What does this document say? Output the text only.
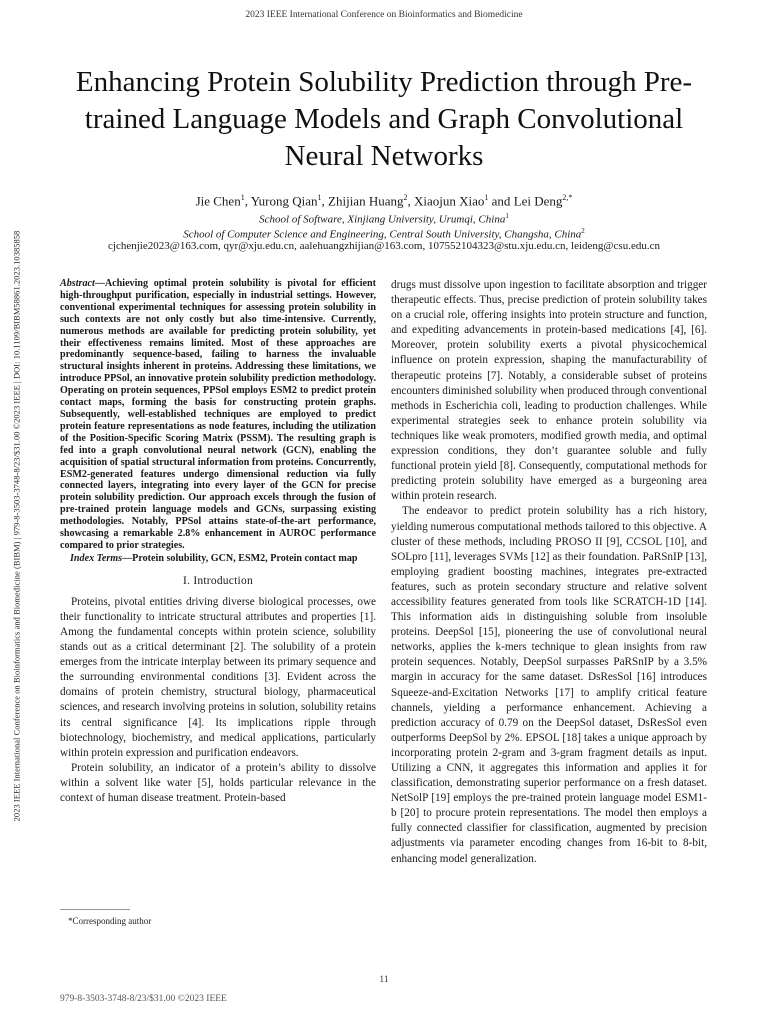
2023 IEEE International Conference on Bioinformatics and Biomedicine
2023 IEEE International Conference on Bioinformatics and Biomedicine (BIBM) | 979-8-3503-3748-8/23/$31.00 ©2023 IEEE | DOI: 10.1109/BIBM58861.2023.10385858
Enhancing Protein Solubility Prediction through Pre-trained Language Models and Graph Convolutional Neural Networks
Jie Chen$^1$, Yurong Qian$^1$, Zhijian Huang$^2$, Xiaojun Xiao$^1$ and Lei Deng$^{2,*}$
School of Software, Xinjiang University, Urumqi, China$^1$
School of Computer Science and Engineering, Central South University, Changsha, China$^2$
cjchenjie2023@163.com, qyr@xju.edu.cn, aalehuangzhijian@163.com, 107552104323@stu.xju.edu.cn, leideng@csu.edu.cn

Abstract—Achieving optimal protein solubility is pivotal for efficient high-throughput purification, especially in industrial settings. However, conventional experimental techniques for assessing protein solubility in such contexts are not only costly but also time-intensive. Currently, numerous methods are available for predicting protein solubility, yet their effectiveness remains limited. Most of these approaches are predominantly sequence-based, failing to harness the invaluable structural insights inherent in proteins. Addressing these limitations, we introduce PPSol, an innovative protein solubility prediction methodology. Operating on protein sequences, PPSol employs ESM2 to predict protein contact maps, forming the basis for constructing protein graphs. Subsequently, well-established techniques are employed to predict protein feature representations as node features, including the utilization of the Position-Specific Scoring Matrix (PSSM). The resulting graph is fed into a graph convolutional neural network (GCN), enabling the acquisition of spatial structural information from proteins. Concurrently, ESM2-generated features undergo dimensional reduction via fully connected layers, integrating into every layer of the GCN for precise protein solubility prediction. Our approach excels through the fusion of pre-trained protein language models and GCNs, surpassing existing methodologies. Notably, PPSol attains state-of-the-art performance, showcasing a remarkable 2.8% enhancement in AUROC performance compared to prior strategies.

Index Terms—Protein solubility, GCN, ESM2, Protein contact map

I. Introduction

Proteins, pivotal entities driving diverse biological processes, owe their functionality to intricate structural attributes and properties [1]. Among the fundamental concepts within protein science, solubility stands out as a critical determinant [2]. The solubility of a protein emerges from the intricate interplay between its primary sequence and the surrounding environmental conditions [3]. Evident across the domains of protein chemistry, structural biology, pharmaceutical sciences, and research involving proteins in solution, solubility retains its central significance [4]. Its implications ripple through biotechnology, biochemistry, and medical applications, particularly within protein expression and purification endeavors.

Protein solubility, an indicator of a protein’s ability to dissolve within a solvent like water [5], holds particular relevance in the context of human disease treatment. Protein-based

drugs must dissolve upon ingestion to facilitate absorption and trigger therapeutic effects. Thus, precise prediction of protein solubility takes on a crucial role, offering insights into protein structure and function, and expediting advancements in protein-based medications [4], [6]. Moreover, protein solubility exerts a pivotal physicochemical influence on protein expression, shaping the manufacturability of therapeutic proteins [7]. Notably, a considerable subset of proteins encounters diminished solubility when produced through conventional methods in Escherichia coli, leading to production challenges. While experimental strategies seek to enhance protein solubility via techniques like weak promoters, modified growth media, and optimal expression conditions, they don’t guarantee soluble and fully functional protein yield [8]. Consequently, computational methods for predicting protein solubility have emerged as a burgeoning area within protein research.

The endeavor to predict protein solubility has a rich history, yielding numerous computational methods tailored to this objective. A cluster of these methods, including PROSO II [9], CCSOL [10], and SOLpro [11], leverages SVMs [12] as their foundation. PaRSnIP [13], employing gradient boosting machines, integrates pre-extracted features, such as protein secondary structure and relative solvent accessibility features generated from tools like SCRATCH-1D [14]. This information aids in distinguishing soluble from insoluble proteins. DeepSol [15], pioneering the use of convolutional neural networks, applies the k-mers technique to glean insights from raw protein sequences. Notably, DeepSol surpasses PaRSnIP by a 3.5% margin in accuracy for the same dataset. DsResSol [16] introduces Squeeze-and-Excitation Networks [17] to amplify critical feature channels, yielding a performance enhancement. Achieving a prediction accuracy of 0.79 on the DeepSol dataset, DsResSol even outperforms DeepSol by 2%. EPSOL [18] takes a unique approach by incorporating protein 2-gram and 3-gram fragment details as input. Utilizing a CNN, it aggregates this information and applies it for classification, demonstrating superior performance on a fresh dataset. NetSolP [19] employs the pre-trained protein language model ESM1-b [20] to procure protein representations. The model then employs a fully connected classifier for classification, augmented by precision adjustments via parameter encoding changes from 16-bit to 8-bit, enhancing model generalization.

*Corresponding author
11
979-8-3503-3748-8/23/$31.00 ©2023 IEEE
